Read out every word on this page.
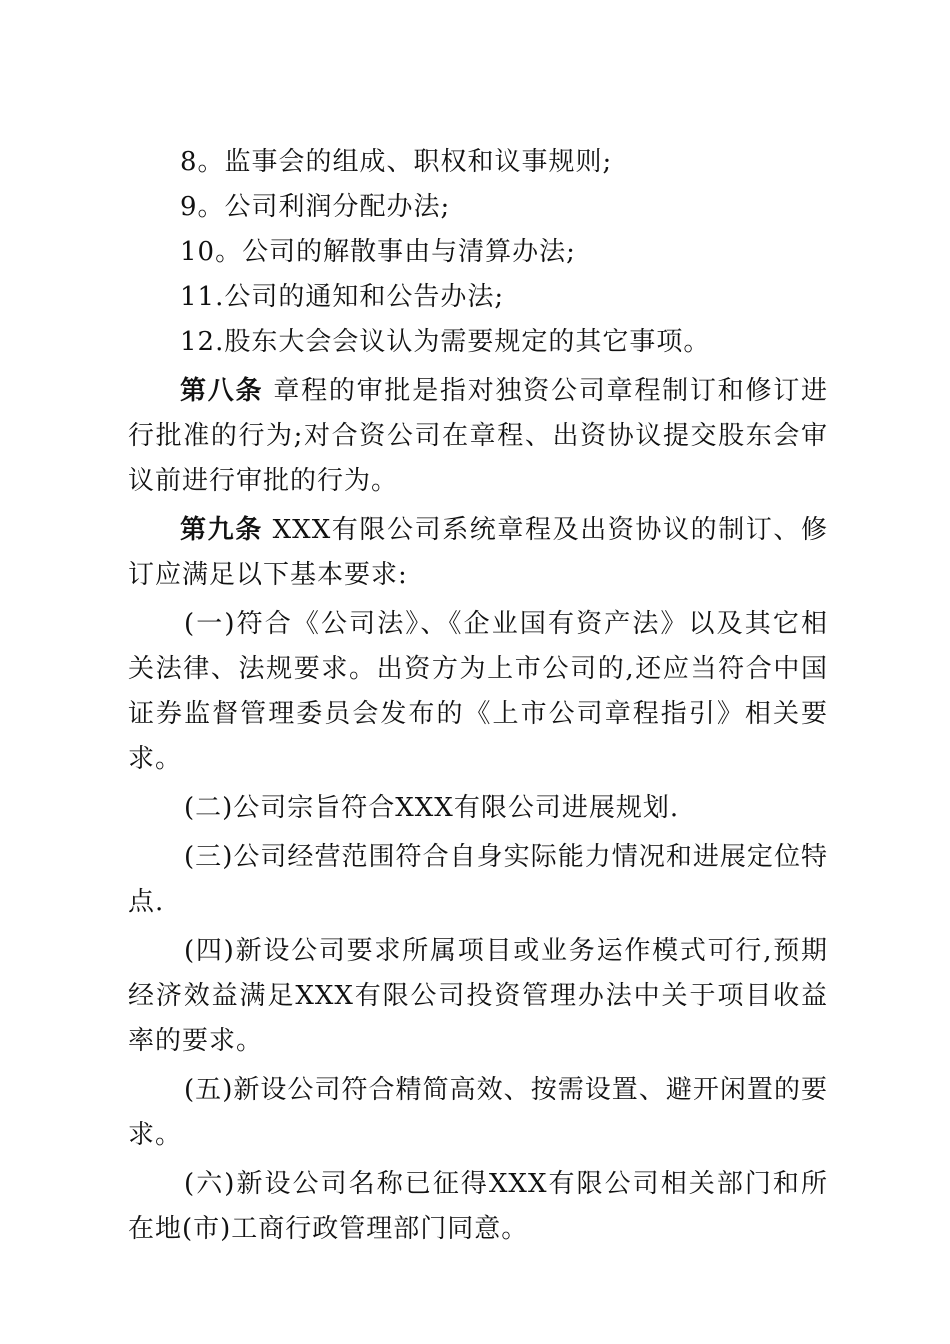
8。监事会的组成、职权和议事规则;

9。公司利润分配办法;

10。公司的解散事由与清算办法;

11.公司的通知和公告办法;

12.股东大会会议认为需要规定的其它事项。

第八条 章程的审批是指对独资公司章程制订和修订进行批准的行为;对合资公司在章程、出资协议提交股东会审议前进行审批的行为。

第九条 XXX有限公司系统章程及出资协议的制订、修订应满足以下基本要求:

(一)符合《公司法》、《企业国有资产法》以及其它相关法律、法规要求。出资方为上市公司的,还应当符合中国证券监督管理委员会发布的《上市公司章程指引》相关要求。

(二)公司宗旨符合XXX有限公司进展规划.

(三)公司经营范围符合自身实际能力情况和进展定位特点.

(四)新设公司要求所属项目或业务运作模式可行,预期经济效益满足XXX有限公司投资管理办法中关于项目收益率的要求。

(五)新设公司符合精简高效、按需设置、避开闲置的要求。

(六)新设公司名称已征得XXX有限公司相关部门和所在地(市)工商行政管理部门同意。
